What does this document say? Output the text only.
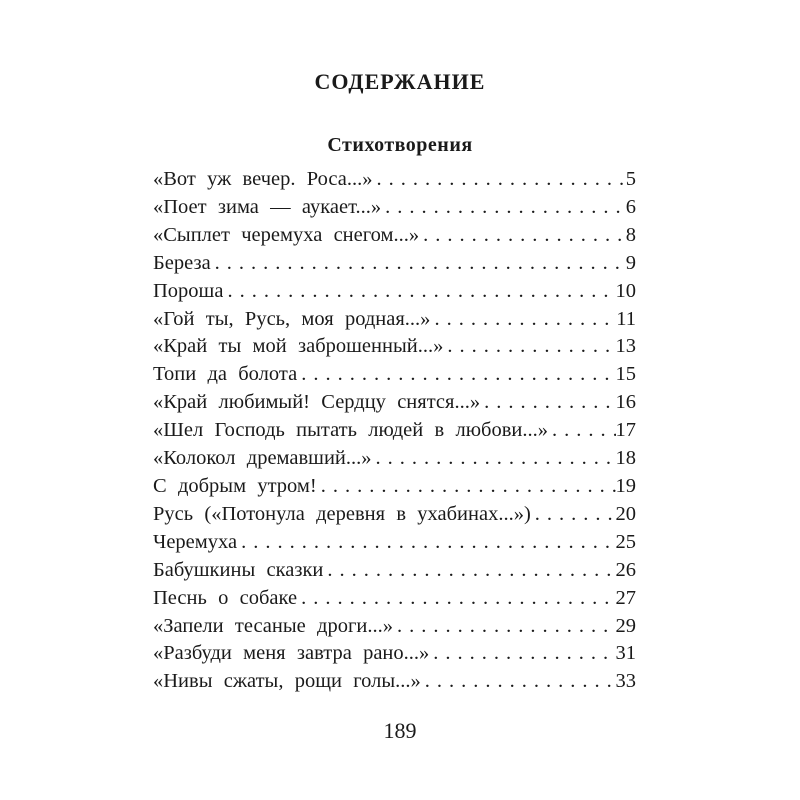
СОДЕРЖАНИЕ
Стихотворения
«Вот уж вечер. Роса...» .....	5
«Поет зима — аукает...» .....	6
«Сыплет черемуха снегом...» .....	8
Береза .....	9
Пороша .....	10
«Гой ты, Русь, моя родная...» .....	11
«Край ты мой заброшенный...» .....	13
Топи да болота .....	15
«Край любимый! Сердцу снятся...» .....	16
«Шел Господь пытать людей в любови...» .....	17
«Колокол дремавший...» .....	18
С добрым утром! .....	19
Русь («Потонула деревня в ухабинах...») .....	20
Черемуха .....	25
Бабушкины сказки .....	26
Песнь о собаке .....	27
«Запели тесаные дроги...» .....	29
«Разбуди меня завтра рано...» .....	31
«Нивы сжаты, рощи голы...» .....	33
189
